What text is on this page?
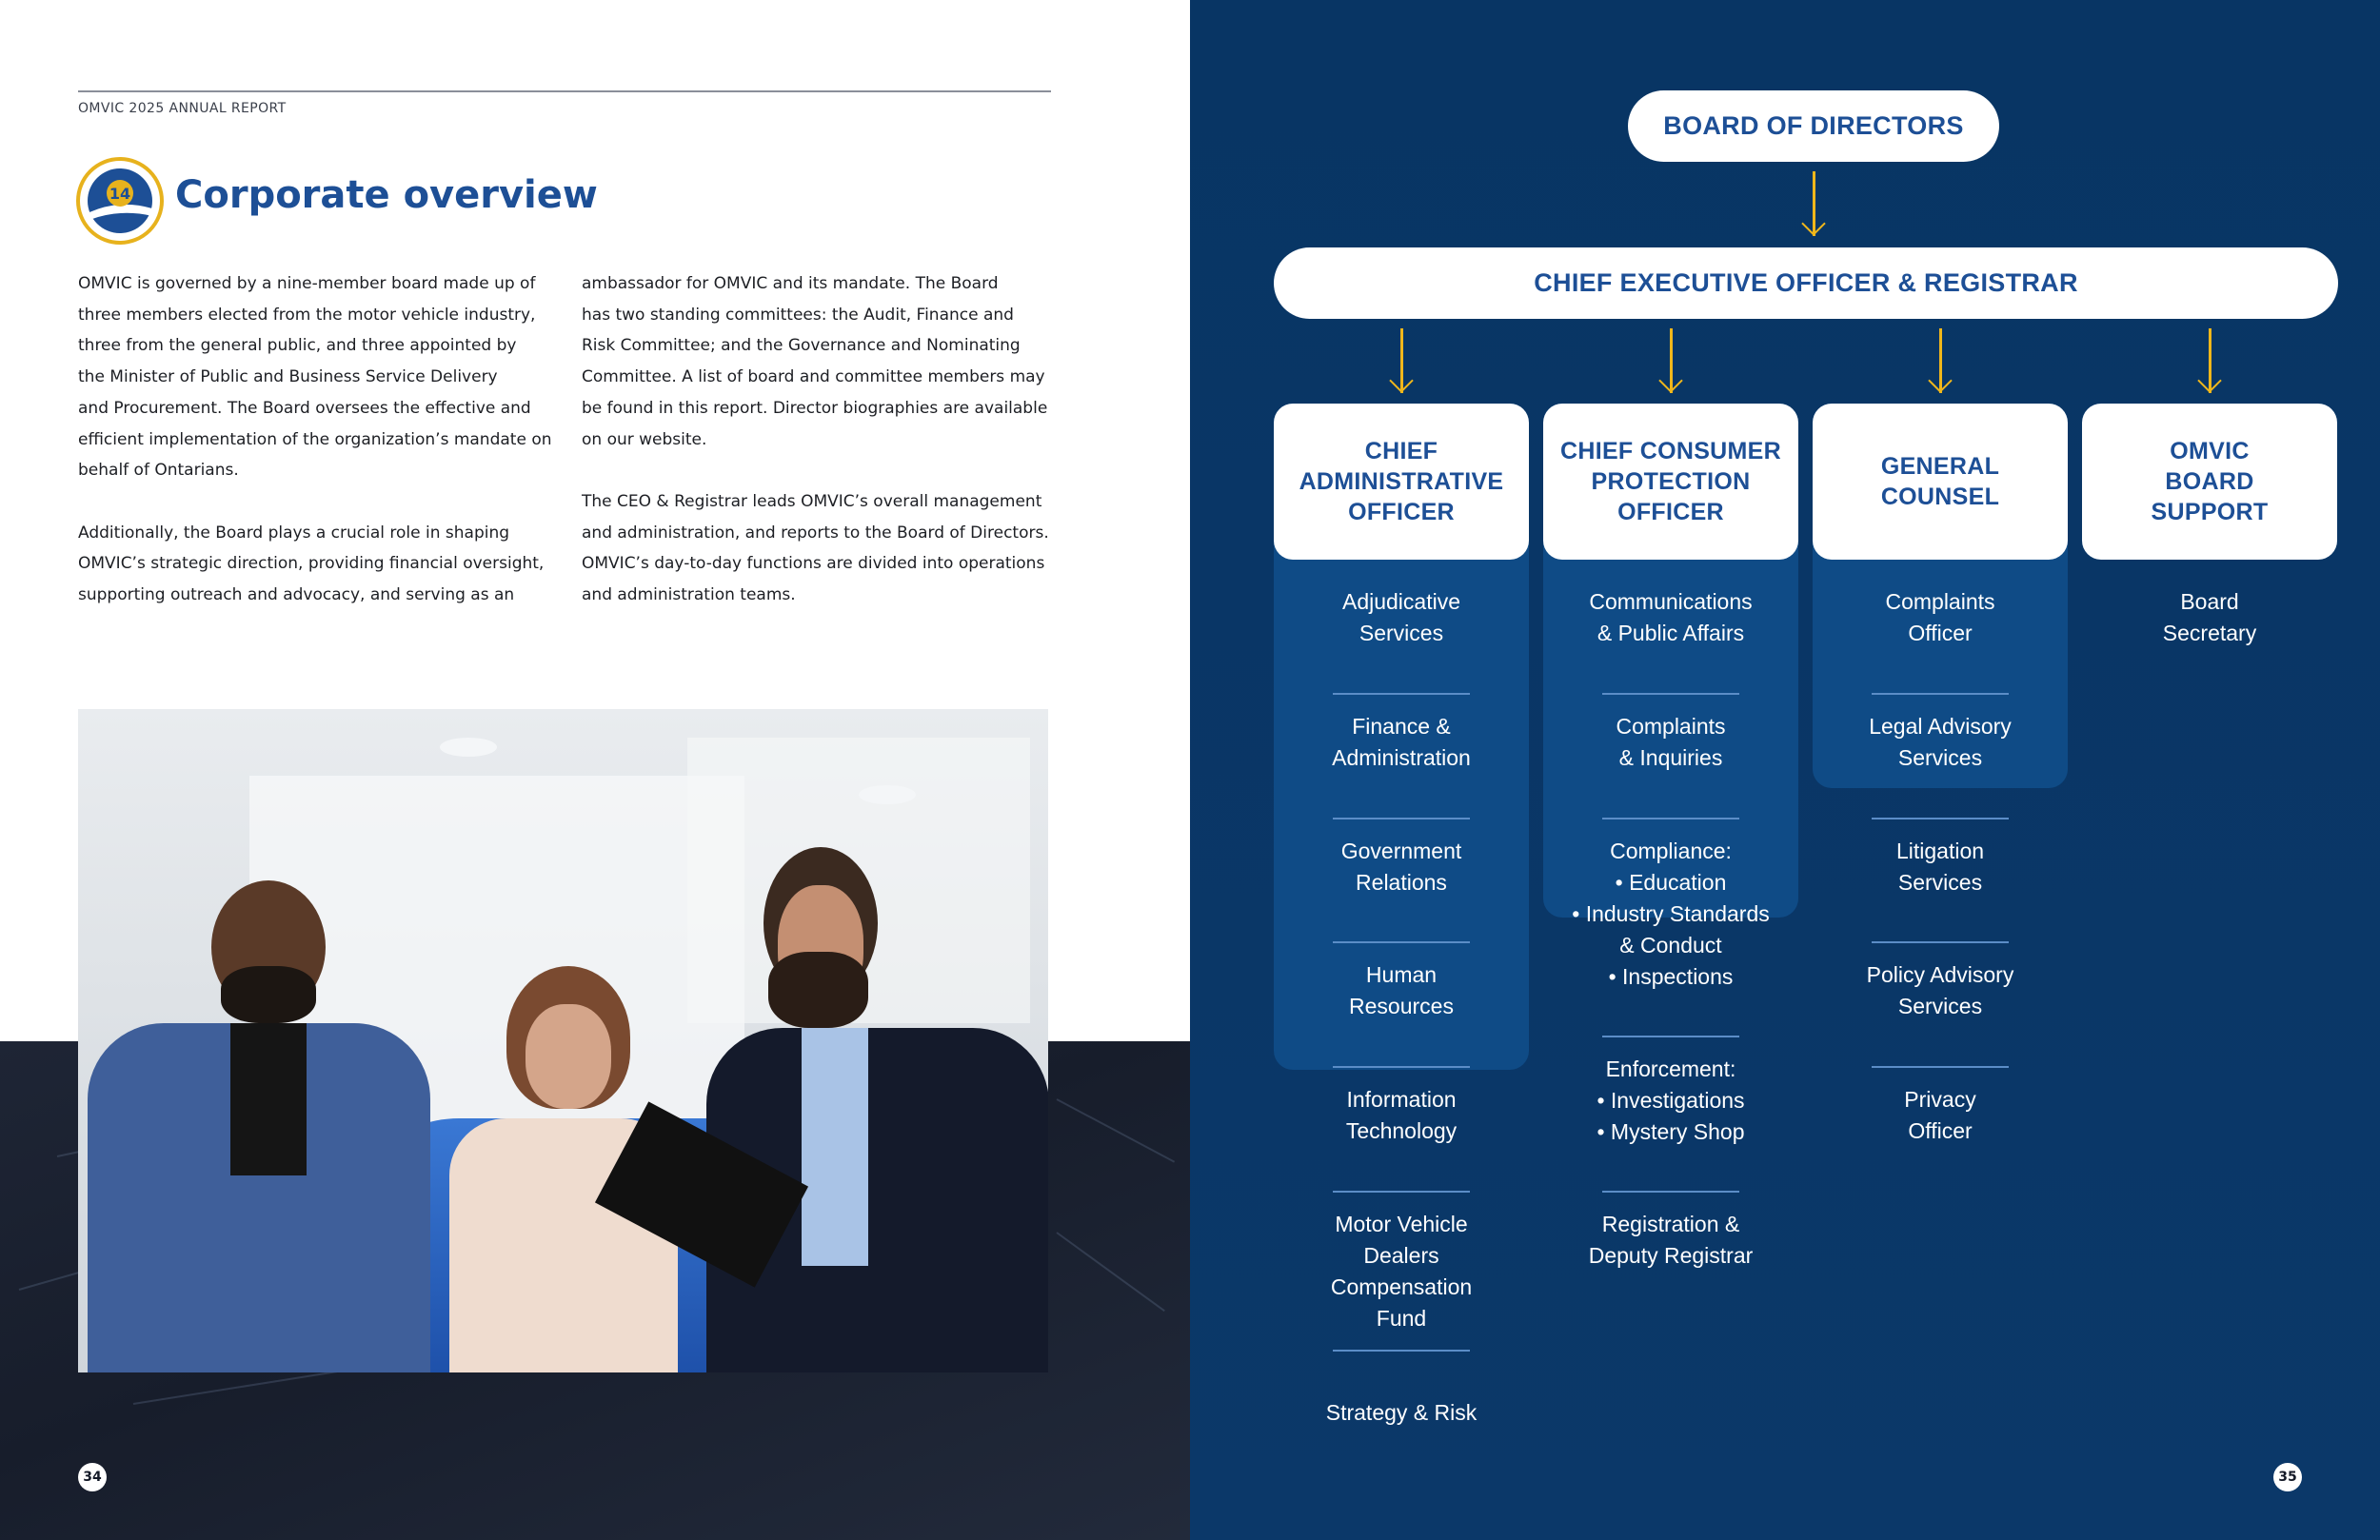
OMVIC 2025 ANNUAL REPORT
14 Corporate overview

OMVIC is governed by a nine-member board made up of
three members elected from the motor vehicle industry,
three from the general public, and three appointed by
the Minister of Public and Business Service Delivery
and Procurement. The Board oversees the effective and
efficient implementation of the organization’s mandate on
behalf of Ontarians.

Additionally, the Board plays a crucial role in shaping
OMVIC’s strategic direction, providing financial oversight,
supporting outreach and advocacy, and serving as an

ambassador for OMVIC and its mandate. The Board
has two standing committees: the Audit, Finance and
Risk Committee; and the Governance and Nominating
Committee. A list of board and committee members may
be found in this report. Director biographies are available
on our website.

The CEO & Registrar leads OMVIC’s overall management
and administration, and reports to the Board of Directors.
OMVIC’s day-to-day functions are divided into operations
and administration teams.

34
BOARD OF DIRECTORS
CHIEF EXECUTIVE OFFICER & REGISTRAR
CHIEF
ADMINISTRATIVE
OFFICER
Adjudicative
Services
Finance &
Administration
Government
Relations
Human
Resources
Information
Technology
Motor Vehicle
Dealers
Compensation
Fund
Strategy & Risk
CHIEF CONSUMER
PROTECTION
OFFICER
Communications
& Public Affairs
Complaints
& Inquiries
Compliance:
• Education
• Industry Standards
& Conduct
• Inspections
Enforcement:
• Investigations
• Mystery Shop
Registration &
Deputy Registrar
GENERAL
COUNSEL
Complaints
Officer
Legal Advisory
Services
Litigation
Services
Policy Advisory
Services
Privacy
Officer
OMVIC
BOARD
SUPPORT
Board
Secretary
35
